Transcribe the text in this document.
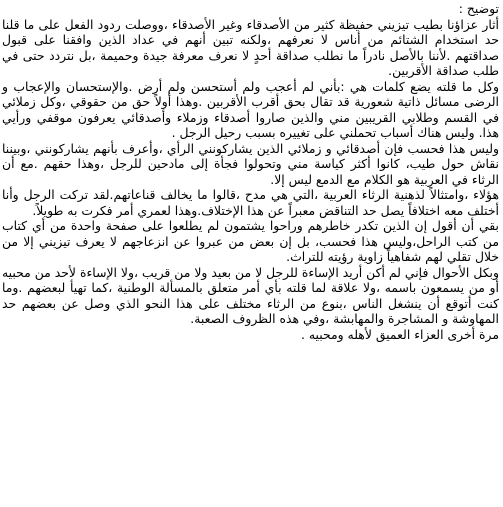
توضيح :

أثار عزاؤنا بطيب تيزيني حفيظة كثير من الأصدقاء وغير الأصدقاء ،ووصلت ردود الفعل على ما قلنا حد استخدام الشتائم من أناس لا نعرفهم ،ولكنه تبين أنهم في عداد الذين وافقنا على قبول صداقتهم .لأننا بالأصل نادراً ما نطلب صداقة أحدٍ لا نعرف معرفة جيدة وحميمة ،بل نتردد حتى في طلب صداقة الأقربين.

وكل ما قلته يضع كلمات هي :بأني لم أعجب ولم أستحسن ولم أرض .والإستحسان والإعجاب و الرضى مسائل ذاتية شعورية قد تقال بحق أقرب الأقربين .وهذا أولاً حق من حقوقي ،وكل زملائي في القسم وطلابي القريبين مني والذين صاروا أصدقاء وزملاء وأصدقائي يعرفون موقفي ورأيي هذا. وليس هناك أسباب تحملني على تغييره بسبب رحيل الرجل .

وليس هذا فحسب فإن أصدقائي و زملائي الذين يشاركونني الرأي ،وأعرف بأنهم يشاركونني ،وبيننا نقاش حول طيب، كانوا أكثر كياسة مني وتحولوا فجأة إلى مادحين للرجل ،وهذا حقهم .مع أن الرثاء في العربية هو الكلام مع الدمع ليس إلا.

هؤلاء ،وامتثالاً لذهنية الرثاء العربية ،التي هي مدح ،قالوا ما يخالف قناعاتهم.لقد تركت الرجل وأنا أختلف معه اختلافاً يصل حد التناقض معبراً عن هذا الإختلاف.وهذا لعمري أمر فكرت به طويلاً.

بقي أن أقول إن الذين تكدر خاطرهم وراحوا يشتمون لم يطلعوا على صفحة واحدة من أي كتاب من كتب الراحل،وليس هذا فحسب، بل إن بعض من عبروا عن انزعاجهم لا يعرف تيزيني إلا من خلال تقلي لهم شفاهياً زاوية رؤيته للتراث.

وبكل الأحوال فإني لم أكن أريد الإساءة للرجل لا من بعيد ولا من قريب ،ولا الإساءة لأحد من محبيه أو من يسمعون باسمه ،ولا علاقة لما قلته بأي أمر متعلق بالمسألة الوطنية ،كما تهيأ لبعضهم .وما كنت أتوقع أن ينشغل الناس ،بنوع من الرثاء مختلف على هذا النحو الذي وصل عن بعضهم حد المهاوشة و المشاجرة والمهابشة ،وفي هذه الظروف الصعبة.

مرة أخرى العزاء العميق لأهله ومحبيه .
